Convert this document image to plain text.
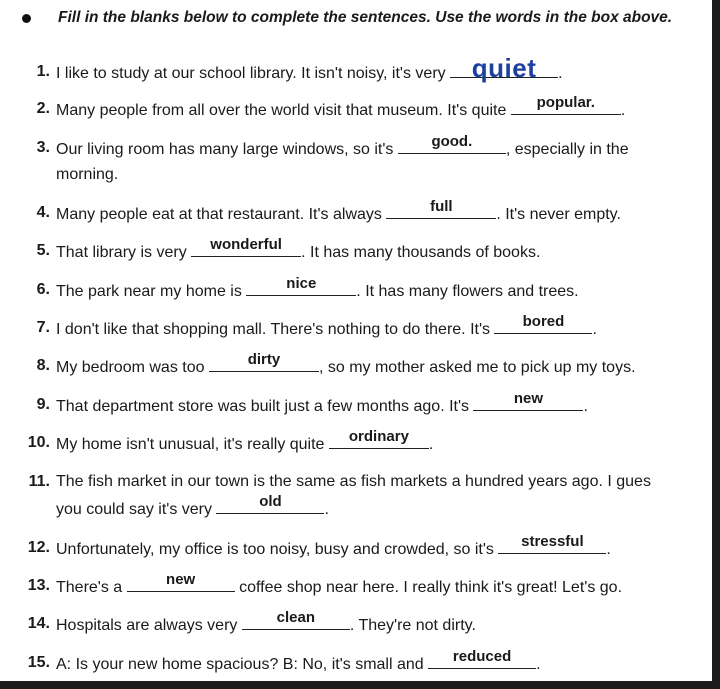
Fill in the blanks below to complete the sentences. Use the words in the box above.
1. I like to study at our school library. It isn't noisy, it's very quiet	.
2. Many people from all over the world visit that museum. It's quite	popular.	.
3. Our living room has many large windows, so it's	good.	, especially in the
morning.
4. Many people eat at that restaurant. It's always	full	. It's never empty.
5. That library is very	wonderful	. It has many thousands of books.
6. The park near my home is	nice	. It has many flowers and trees.
7. I don't like that shopping mall. There's nothing to do there. It's	bored	.
8. My bedroom was too	dirty	, so my mother asked me to pick up my toys.
9. That department store was built just a few months ago. It's	new	.
10. My home isn't unusual, it's really quite	ordinary	.
11. The fish market in our town is the same as fish markets a hundred years ago. I gues
you could say it's very	old	.
12. Unfortunately, my office is too noisy, busy and crowded, so it's	stressful	.
13. There's a	new	coffee shop near here. I really think it's great! Let's go.
14. Hospitals are always very	clean	. They're not dirty.
15. A: Is your new home spacious? B: No, it's small and	reduced	.
